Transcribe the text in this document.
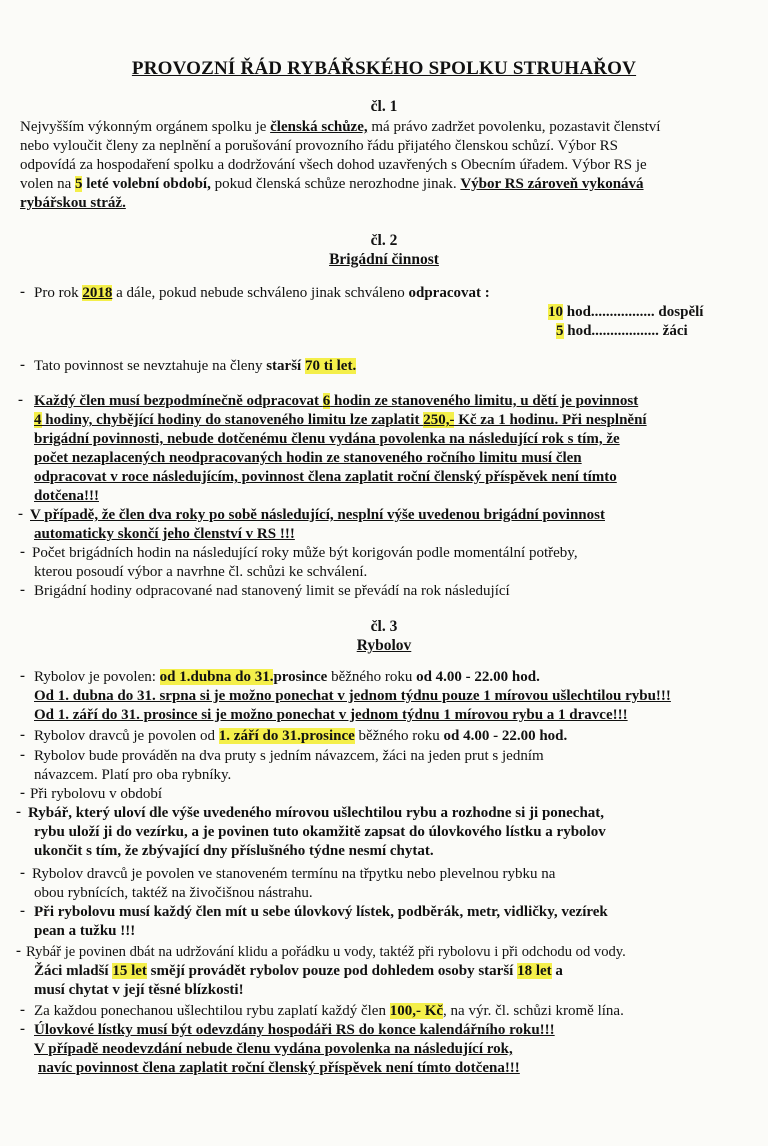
PROVOZNÍ ŘÁD RYBÁŘSKÉHO SPOLKU STRUHAŘOV
čl. 1
Nejvyšším výkonným orgánem spolku je členská schůze, má právo zadržet povolenku, pozastavit členství
nebo vyloučit členy za neplnění a porušování provozního řádu přijatého členskou schůzí. Výbor RS
odpovídá za hospodaření spolku a dodržování všech dohod uzavřených s Obecním úřadem. Výbor RS je
volen na 5 leté volební období, pokud členská schůze nerozhodne jinak. Výbor RS zároveň vykonává
rybářskou stráž.
čl. 2
Brigádní činnost
- Pro rok 2018 a dále, pokud nebude schváleno jinak schváleno odpracovat :
10 hod................. dospělí
5 hod.................. žáci
- Tato povinnost se nevztahuje na členy starší 70 ti let.
- Každý člen musí bezpodmínečně odpracovat 6 hodin ze stanoveného limitu, u dětí je povinnost
4 hodiny, chybějící hodiny do stanoveného limitu lze zaplatit 250,- Kč za 1 hodinu. Při nesplnění
brigádní povinnosti, nebude dotčenému členu vydána povolenka na následující rok s tím, že
počet nezaplacených neodpracovaných hodin ze stanoveného ročního limitu musí člen
odpracovat v roce následujícím, povinnost člena zaplatit roční členský příspěvek není tímto
dotčena!!!
- V případě, že člen dva roky po sobě následující, nesplní výše uvedenou brigádní povinnost
automaticky skončí jeho členství v RS !!!
- Počet brigádních hodin na následující roky může být korigován podle momentální potřeby,
kterou posoudí výbor a navrhne čl. schůzi ke schválení.
- Brigádní hodiny odpracované nad stanovený limit se převádí na rok následující
čl. 3
Rybolov
- Rybolov je povolen: od 1.dubna do 31.prosince běžného roku od 4.00 - 22.00 hod.
Od 1. dubna do 31. srpna si je možno ponechat v jednom týdnu pouze 1 mírovou ušlechtilou rybu!!!
Od 1. září do 31. prosince si je možno ponechat v jednom týdnu 1 mírovou rybu a 1 dravce!!!
- Rybolov dravců je povolen od 1. září do 31.prosince běžného roku od 4.00 - 22.00 hod.
- Rybolov bude prováděn na dva pruty s jedním návazcem, žáci na jeden prut s jedním
návazcem. Platí pro oba rybníky.
- Při rybolovu v období
- Rybář, který uloví dle výše uvedeného mírovou ušlechtilou rybu a rozhodne si ji ponechat,
rybu uloží ji do vezírku, a je povinen tuto okamžitě zapsat do úlovkového lístku a rybolov
ukončit s tím, že zbývající dny příslušného týdne nesmí chytat.
- Rybolov dravců je povolen ve stanoveném termínu na třpytku nebo plevelnou rybku na
obou rybnících, taktéž na živočišnou nástrahu.
- Při rybolovu musí každý člen mít u sebe úlovkový lístek, podběrák, metr, vidličky, vezírek
pean a tužku !!!
- Rybář je povinen dbát na udržování klidu a pořádku u vody, taktéž při rybolovu i při odchodu od vody.
Žáci mladší 15 let smějí provádět rybolov pouze pod dohledem osoby starší 18 let a
musí chytat v její těsné blízkosti!
- Za každou ponechanou ušlechtilou rybu zaplatí každý člen 100,- Kč, na výr. čl. schůzi kromě lína.
- Úlovkové lístky musí být odevzdány hospodáři RS do konce kalendářního roku!!!
V případě neodevzdání nebude členu vydána povolenka na následující rok,
navíc povinnost člena zaplatit roční členský příspěvek není tímto dotčena!!!
